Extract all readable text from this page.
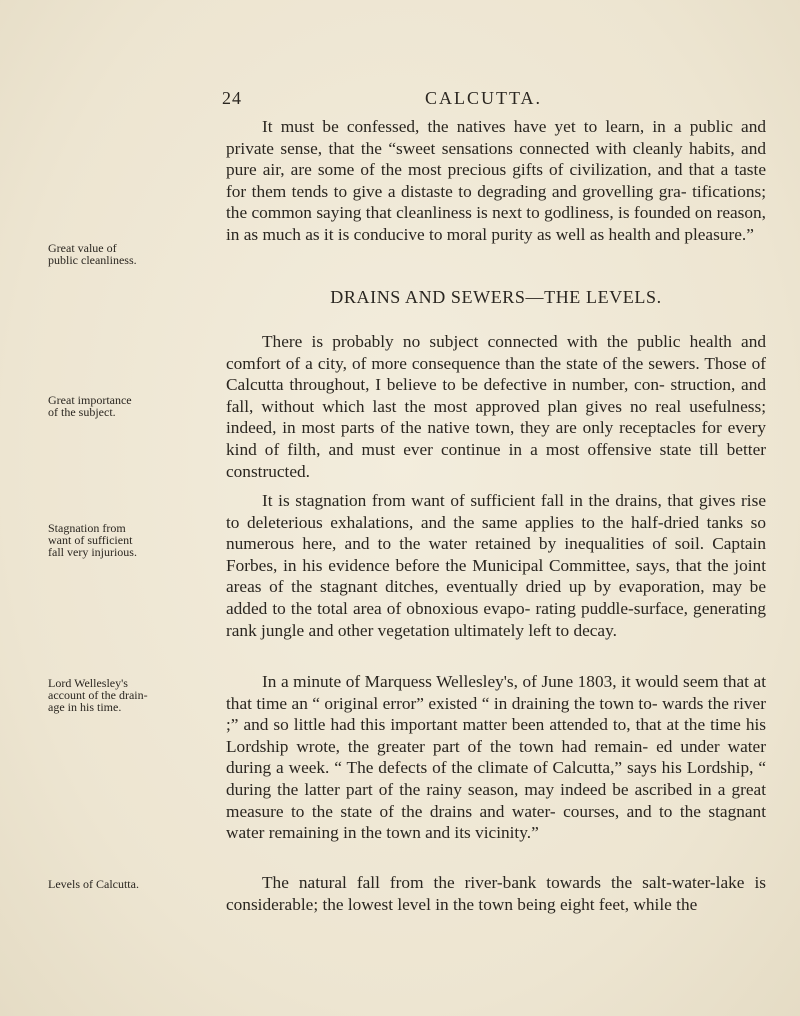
24	CALCUTTA.
Great value of
public cleanliness.
Great importance
of the subject.
Stagnation from
want of sufficient
fall very injurious.
Lord Wellesley's
account of the drain-
age in his time.
Levels of Calcutta.

It must be confessed, the natives have yet to learn, in a public and private sense, that the “sweet sensations connected with cleanly habits, and pure air, are some of the most precious gifts of civilization, and that a taste for them tends to give a distaste to degrading and grovelling gra- tifications; the common saying that cleanliness is next to godliness, is founded on reason, in as much as it is conducive to moral purity as well as health and pleasure.”

DRAINS AND SEWERS—THE LEVELS.

There is probably no subject connected with the public health and comfort of a city, of more consequence than the state of the sewers. Those of Calcutta throughout, I believe to be defective in number, con- struction, and fall, without which last the most approved plan gives no real usefulness; indeed, in most parts of the native town, they are only receptacles for every kind of filth, and must ever continue in a most offensive state till better constructed.

It is stagnation from want of sufficient fall in the drains, that gives rise to deleterious exhalations, and the same applies to the half-dried tanks so numerous here, and to the water retained by inequalities of soil. Captain Forbes, in his evidence before the Municipal Committee, says, that the joint areas of the stagnant ditches, eventually dried up by evaporation, may be added to the total area of obnoxious evapo- rating puddle-surface, generating rank jungle and other vegetation ultimately left to decay.

In a minute of Marquess Wellesley's, of June 1803, it would seem that at that time an “ original error” existed “ in draining the town to- wards the river ;” and so little had this important matter been attended to, that at the time his Lordship wrote, the greater part of the town had remain- ed under water during a week. “ The defects of the climate of Calcutta,” says his Lordship, “ during the latter part of the rainy season, may indeed be ascribed in a great measure to the state of the drains and water- courses, and to the stagnant water remaining in the town and its vicinity.”

The natural fall from the river-bank towards the salt-water-lake is considerable; the lowest level in the town being eight feet, while the
